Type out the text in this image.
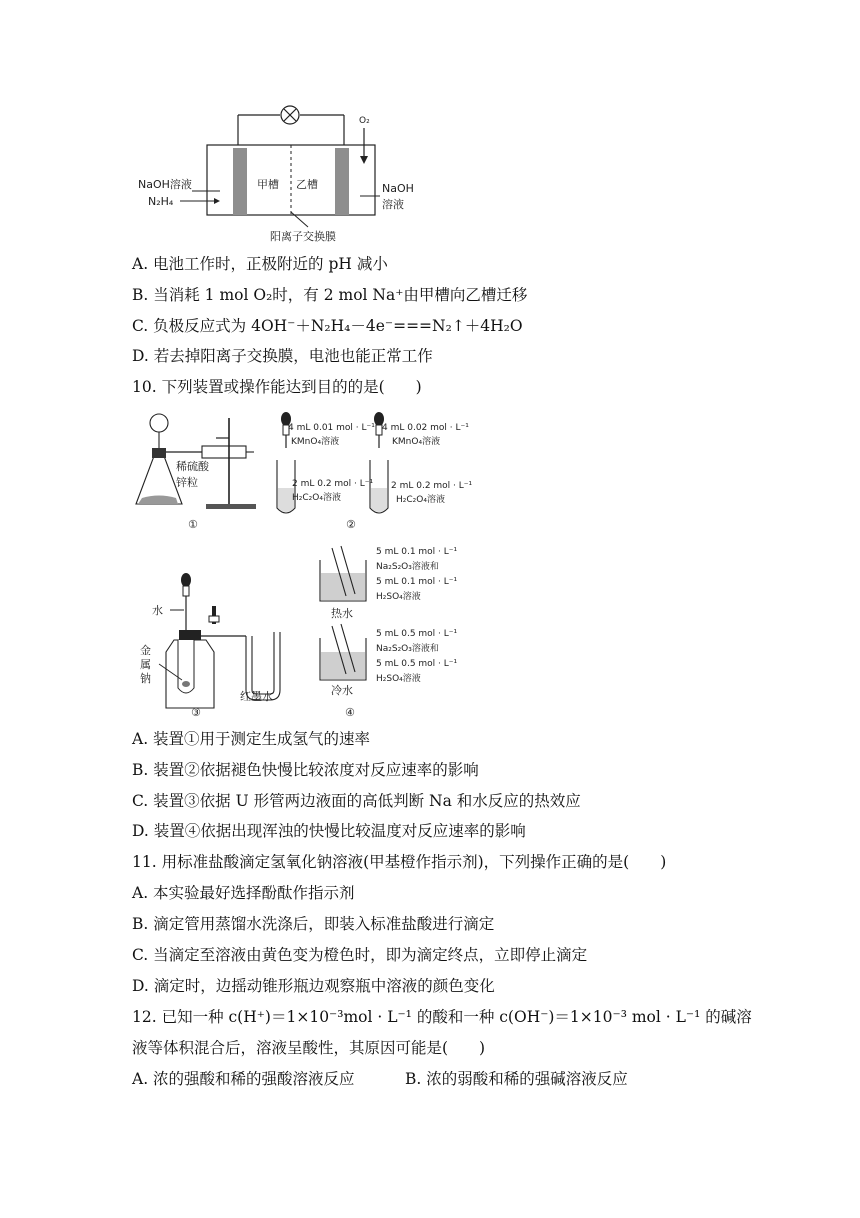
O₂
NaOH溶液
N₂H₄
甲槽 乙槽	NaOH
溶液
阳离子交换膜
A. 电池工作时，正极附近的 pH 减小
B. 当消耗 1 mol O₂时，有 2 mol Na⁺由甲槽向乙槽迁移
C. 负极反应式为 4OH⁻＋N₂H₄－4e⁻===N₂↑＋4H₂O
D. 若去掉阳离子交换膜，电池也能正常工作
10. 下列装置或操作能达到目的的是(　　)
稀硫酸
锌粒
①
4 mL 0.01 mol · L⁻¹
KMnO₄溶液
4 mL 0.02 mol · L⁻¹
KMnO₄溶液
2 mL 0.2 mol · L⁻¹
H₂C₂O₄溶液
2 mL 0.2 mol · L⁻¹
H₂C₂O₄溶液
②
水
金
属
钠
红墨水
③
5 mL 0.1 mol · L⁻¹
Na₂S₂O₃溶液和
5 mL 0.1 mol · L⁻¹
H₂SO₄溶液
热水
5 mL 0.5 mol · L⁻¹
Na₂S₂O₃溶液和
5 mL 0.5 mol · L⁻¹
H₂SO₄溶液
冷水
④
A. 装置①用于测定生成氢气的速率
B. 装置②依据褪色快慢比较浓度对反应速率的影响
C. 装置③依据 U 形管两边液面的高低判断 Na 和水反应的热效应
D. 装置④依据出现浑浊的快慢比较温度对反应速率的影响
11. 用标准盐酸滴定氢氧化钠溶液(甲基橙作指示剂)，下列操作正确的是(　　)
A. 本实验最好选择酚酞作指示剂
B. 滴定管用蒸馏水洗涤后，即装入标准盐酸进行滴定
C. 当滴定至溶液由黄色变为橙色时，即为滴定终点，立即停止滴定
D. 滴定时，边摇动锥形瓶边观察瓶中溶液的颜色变化
12. 已知一种 c(H⁺)＝1×10⁻³mol · L⁻¹ 的酸和一种 c(OH⁻)＝1×10⁻³ mol · L⁻¹ 的碱溶
液等体积混合后，溶液呈酸性，其原因可能是(　　)
A. 浓的强酸和稀的强酸溶液反应	B. 浓的弱酸和稀的强碱溶液反应
